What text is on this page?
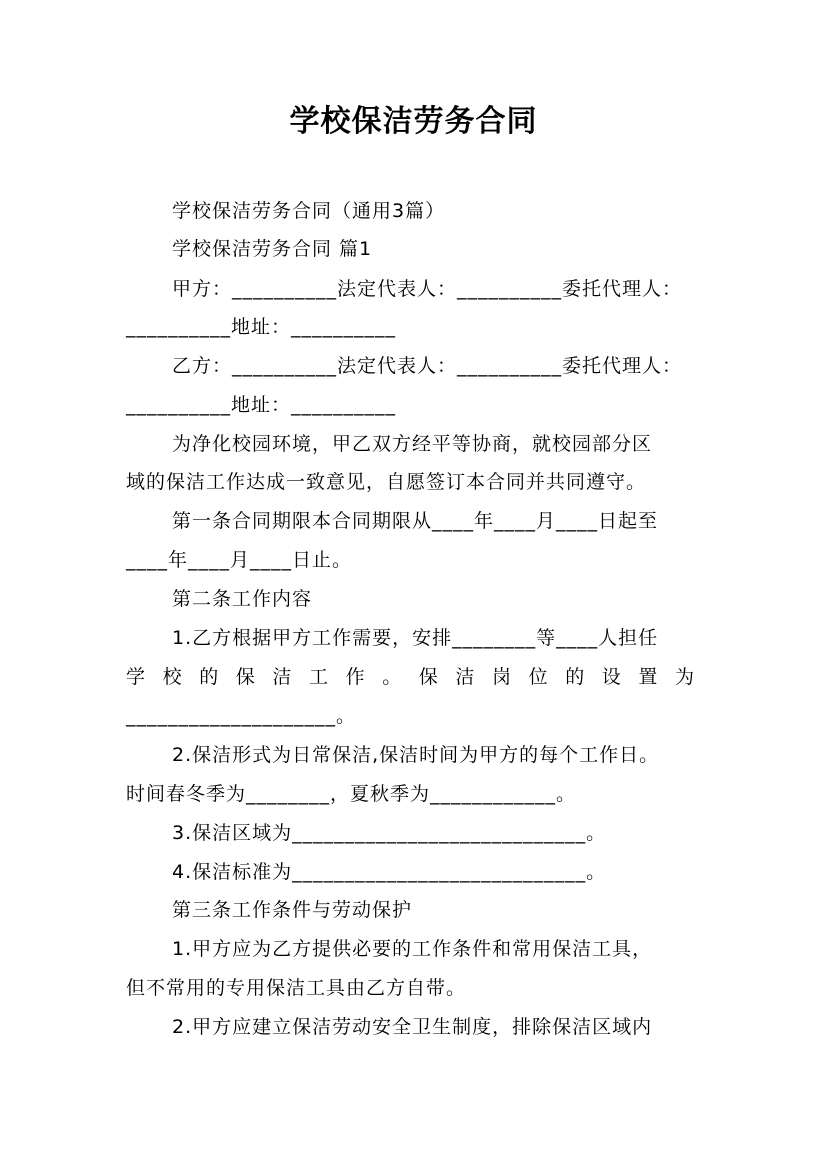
学校保洁劳务合同
学校保洁劳务合同（通用3篇）
学校保洁劳务合同 篇1
甲方：__________法定代表人：__________委托代理人：
__________地址：__________
乙方：__________法定代表人：__________委托代理人：
__________地址：__________
为净化校园环境，甲乙双方经平等协商，就校园部分区
域的保洁工作达成一致意见，自愿签订本合同并共同遵守。
第一条合同期限本合同期限从____年____月____日起至
____年____月____日止。
第二条工作内容
1.乙方根据甲方工作需要，安排________等____人担任
学校的保洁工作。保洁岗位的设置为
____________________。
2.保洁形式为日常保洁,保洁时间为甲方的每个工作日。
时间春冬季为________，夏秋季为____________。
3.保洁区域为____________________________。
4.保洁标准为____________________________。
第三条工作条件与劳动保护
1.甲方应为乙方提供必要的工作条件和常用保洁工具，
但不常用的专用保洁工具由乙方自带。
2.甲方应建立保洁劳动安全卫生制度，排除保洁区域内
